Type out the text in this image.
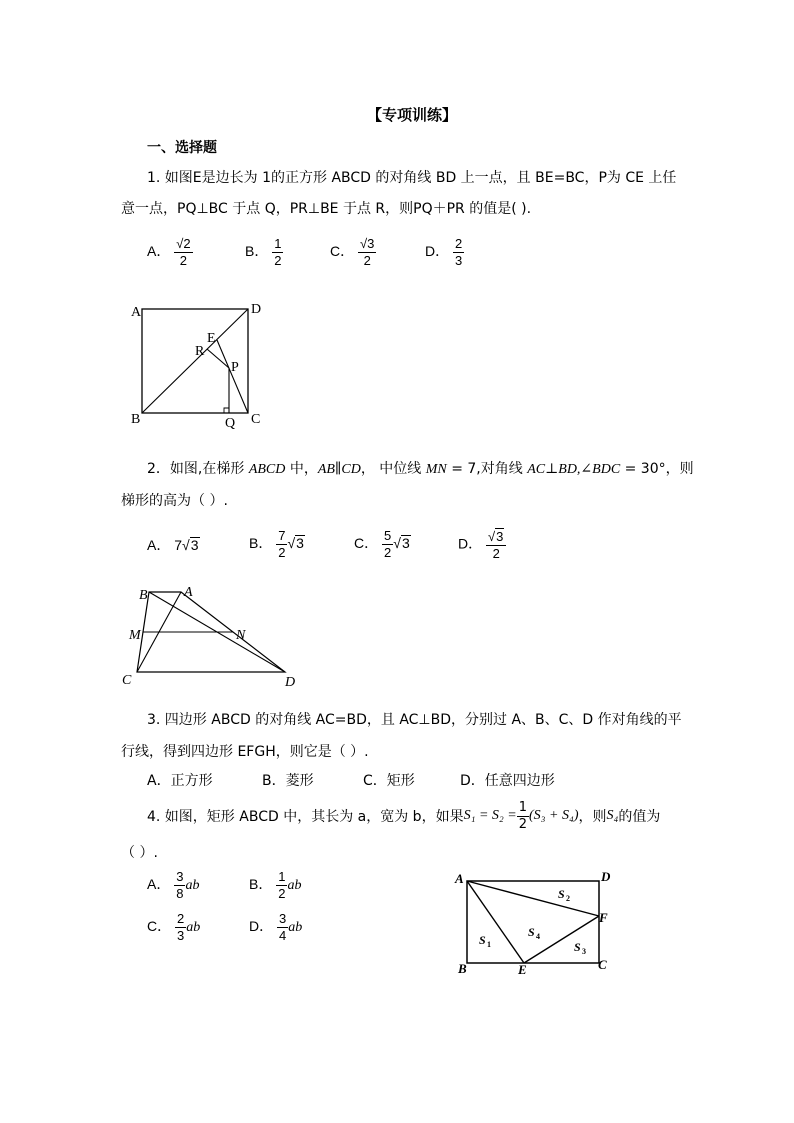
【专项训练】
一、选择题
1. 如图E是边长为 1的正方形 ABCD 的对角线 BD 上一点，且 BE=BC，P为 CE 上任
意一点，PQ⊥BC 于点 Q，PR⊥BE 于点 R，则PQ＋PR 的值是( ).
A． $\frac{√2}{2}$	B． $\frac{1}{2}$	C． $\frac{√3}{2}$	D． $\frac{2}{3}$
A	D
B	C
E
R
P
Q
2．如图,在梯形 ABCD 中，AB∥CD， 中位线 MN = 7,对角线 AC⊥BD,∠BDC = 30°，则
梯形的高为（ ）.
A． 7√3	B． $\frac{7}{2} √3$	C． $\frac{5}{2} √3$	D． $\frac{√3}{2}$
B	A
M	N
C	D
3. 四边形 ABCD 的对角线 AC=BD，且 AC⊥BD，分别过 A、B、C、D 作对角线的平
行线，得到四边形 EFGH，则它是（ ）.
A．正方形	B．菱形	C．矩形	D．任意四边形
4. 如图，矩形 ABCD 中，其长为 a，宽为 b，如果 $S_1 = S_2 = \frac{1}{2} (S_3 + S_4)$ ，则 S₄ 的值为
（ ）.
A． $\frac{3}{8}$ ab	B． $\frac{1}{2}$ ab
C． $\frac{2}{3}$ ab	D． $\frac{3}{4}$ ab
A	D
B	C
E
F
S 1
S 2
S 3
S 4
